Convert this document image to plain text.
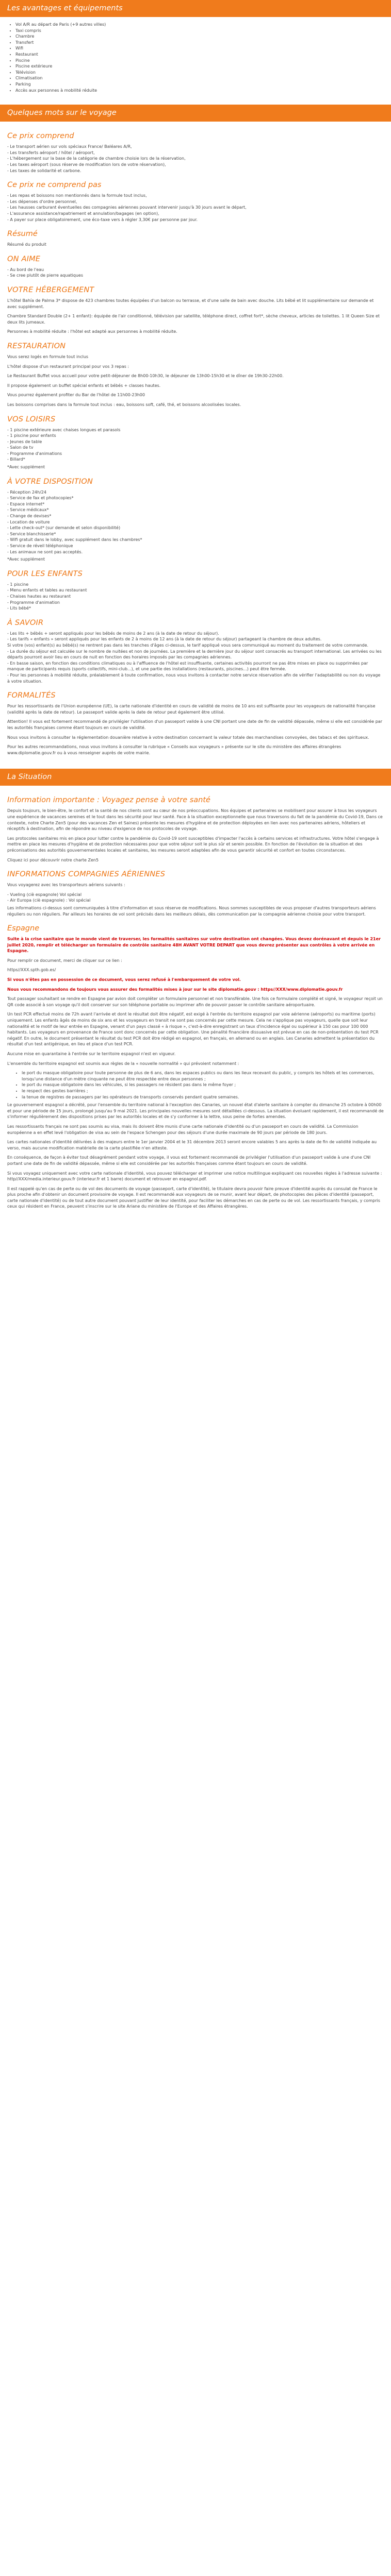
Les avantages et équipements
• Vol A/R au départ de Paris (+9 autres villes)
• Taxi compris
• Chambre
• Transfert
• Wifi
• Restaurant
• Piscine
• Piscine extérieure
• Télévision
• Climatisation
• Parking
• Accès aux personnes à mobilité réduite
Quelques mots sur le voyage
Ce prix comprend
- Le transport aérien sur vols spéciaux France/ Baléares A/R,
- Les transferts aéroport / hôtel / aéroport,
- L'hébergement sur la base de la catégorie de chambre choisie lors de la réservation,
- Les taxes aéroport (sous réserve de modification lors de votre réservation),
- Les taxes de solidarité et carbone.
Ce prix ne comprend pas
- Les repas et boissons non mentionnés dans la formule tout inclus,
- Les dépenses d'ordre personnel,
- Les hausses carburant éventuelles des compagnies aériennes pouvant intervenir jusqu'à 30 jours avant le départ,
- L'assurance assistance/rapatriement et annulation/bagages (en option),
- A payer sur place obligatoirement, une éco-taxe vers à régler 3,30€ par personne par jour.
Résumé

Résumé du produit

ON AIME
- Au bord de l'eau
- Se cree plutôt de pierre aquatiques
VOTRE HÉBERGEMENT

L'hôtel Bahía de Palma 3* dispose de 423 chambres toutes équipées d'un balcon ou terrasse, et d'une salle de bain avec douche. Lits bébé et lit supplémentaire sur demande et avec supplément.

Chambre Standard Double (2+ 1 enfant): équipée de l'air conditionné, télévision par satellite, téléphone direct, coffret fort*, sèche cheveux, articles de toilettes. 1 lit Queen Size et deux lits jumeaux.

Personnes à mobilité réduite : l'hôtel est adapté aux personnes à mobilité réduite.

RESTAURATION

Vous serez logés en formule tout inclus

L'hôtel dispose d'un restaurant principal pour vos 3 repas :

Le Restaurant Buffet vous accueil pour votre petit-déjeuner de 8h00-10h30, le déjeuner de 13h00-15h30 et le dîner de 19h30-22h00.

Il propose également un buffet spécial enfants et bébés + classes hautes.

Vous pourrez également profiter du Bar de l'hôtel de 11h00-23h00

Les boissons comprises dans la formule tout inclus : eau, boissons soft, café, thé, et boissons alcoolisées locales.

VOS LOISIRS
- 1 piscine extérieure avec chaises longues et parasols
- 1 piscine pour enfants
- Jeunes de table
- Salon de tv
- Programme d'animations
- Billard*

*Avec supplément

À VOTRE DISPOSITION
- Réception 24h/24
- Service de fax et photocopies*
- Espace internet*
- Service médicaux*
- Change de devises*
- Location de voiture
- Lette check-out* (sur demande et selon disponibilité)
- Service blanchisserie*
- Wifi gratuit dans le lobby, avec supplément dans les chambres*
- Service de réveil téléphonique
- Les animaux ne sont pas acceptés.

*Avec supplément

POUR LES ENFANTS
- 1 piscine
- Menu enfants et tables au restaurant
- Chaises hautes au restaurant
- Programme d'animation
- Lits bébé*
À SAVOIR
- Les lits + bébés + seront appliqués pour les bébés de moins de 2 ans (à la date de retour du séjour).
- Les tarifs « enfants » seront appliqués pour les enfants de 2 à moins de 12 ans (à la date de retour du séjour) partageant la chambre de deux adultes.
Si votre (vos) enfant(s) au bébé(s) ne rentrent pas dans les tranches d'âges ci-dessus, le tarif appliqué vous sera communiqué au moment du traitement de votre commande.
- La durée du séjour est calculée sur le nombre de nuitées et non de journées. La première et la dernière jour du séjour sont consacrés au transport international. Les arrivées ou les départs pourront avoir lieu en cours de nuit en fonction des horaires imposés par les compagnies aériennes.
- En basse saison, en fonction des conditions climatiques ou à l'affluence de l'hôtel est insuffisante, certaines activités pourront ne pas être mises en place ou supprimées par manque de participants requis (sports collectifs, mini-club...), et une partie des installations (restaurants, piscines...) peut être fermée.
- Pour les personnes à mobilité réduite, préalablement à toute confirmation, nous vous invitons à contacter notre service réservation afin de vérifier l'adaptabilité ou non du voyage à votre situation.
FORMALITÉS

Pour les ressortissants de l'Union européenne (UE), la carte nationale d'identité en cours de validité de moins de 10 ans est suffisante pour les voyageurs de nationalité française (validité après la date de retour). Le passeport valide après la date de retour peut également être utilisé.

Attention! Il vous est fortement recommandé de privilégier l'utilisation d'un passeport valide à une CNI portant une date de fin de validité dépassée, même si elle est considérée par les autorités françaises comme étant toujours en cours de validité.

Nous vous invitons à consulter la réglementation douanière relative à votre destination concernant la valeur totale des marchandises convoyées, des tabacs et des spiritueux.

Pour les autres recommandations, nous vous invitons à consulter la rubrique « Conseils aux voyageurs » présente sur le site du ministère des affaires étrangères www.diplomatie.gouv.fr ou à vous renseigner auprès de votre mairie.

La Situation
Information importante : Voyagez pense à votre santé

Depuis toujours, le bien-être, le confort et la santé de nos clients sont au cœur de nos préoccupations. Nos équipes et partenaires se mobilisent pour assurer à tous les voyageurs une expérience de vacances sereines et le tout dans les sécurité pour leur santé. Face à la situation exceptionnelle que nous traversons du fait de la pandémie du Covid-19, Dans ce contexte, notre Charte Zen5 (pour des vacances Zen et Saines) présente les mesures d'hygiène et de protection déployées en lien avec nos partenaires aériens, hôteliers et réceptifs à destination, afin de répondre au niveau d'exigence de nos protocoles de voyage.

Les protocoles sanitaires mis en place pour lutter contre la pandémie du Covid-19 sont susceptibles d'impacter l'accès à certains services et infrastructures. Votre hôtel s'engage à mettre en place les mesures d'hygiène et de protection nécessaires pour que votre séjour soit le plus sûr et serein possible. En fonction de l'évolution de la situation et des préconisations des autorités gouvernementales locales et sanitaires, les mesures seront adaptées afin de vous garantir sécurité et confort en toutes circonstances.

Cliquez ici pour découvrir notre charte Zen5

INFORMATIONS COMPAGNIES AÉRIENNES

Vous voyagerez avec les transporteurs aériens suivants :

- Vueling (ciè espagnole) Vol spécial
- Air Europa (ciè espagnole) : Vol spécial

Les informations ci-dessus sont communiquées à titre d'information et sous réserve de modifications. Nous sommes susceptibles de vous proposer d'autres transporteurs aériens réguliers ou non réguliers. Par ailleurs les horaires de vol sont précisés dans les meilleurs délais, dès communication par la compagnie aérienne choisie pour votre transport.

Espagne

Suite à la crise sanitaire que le monde vient de traverser, les formalités sanitaires sur votre destination ont changées. Vous devez dorénavant et depuis le 21er juillet 2020, remplir et télécharger un formulaire de contrôle sanitaire 48H AVANT VOTRE DEPART que vous devrez présenter aux contrôles à votre arrivée en Espagne.

Pour remplir ce document, merci de cliquer sur ce lien :

https//XXX.spth.gob.es/

Si vous n'êtes pas en possession de ce document, vous serez refusé à l'embarquement de votre vol.

Nous vous recommandons de toujours vous assurer des formalités mises à jour sur le site diplomatie.gouv : https//XXX/www.diplomatie.gouv.fr

Tout passager souhaitant se rendre en Espagne par avion doit compléter un formulaire personnel et non transférable. Une fois ce formulaire complété et signé, le voyageur reçoit un QR code associé à son voyage qu'il doit conserver sur son téléphone portable ou imprimer afin de pouvoir passer le contrôle sanitaire aéroportuaire.

Un test PCR effectué moins de 72h avant l'arrivée et dont le résultat doit être négatif, est exigé à l'entrée du territoire espagnol par voie aérienne (aéroports) ou maritime (ports) uniquement. Les enfants âgés de moins de six ans et les voyageurs en transit ne sont pas concernés par cette mesure. Cela ne s'applique pas voyageurs, quelle que soit leur nationalité et le motif de leur entrée en Espagne, venant d'un pays classé « à risque », c'est-à-dire enregistrant un taux d'incidence égal ou supérieur à 150 cas pour 100 000 habitants. Les voyageurs en provenance de France sont donc concernés par cette obligation. Une pénalité financière dissuasive est prévue en cas de non-présentation du test PCR négatif. En outre, le document présentant le résultat du test PCR doit être rédigé en espagnol, en français, en allemand ou en anglais. Les Canaries admettent la présentation du résultat d'un test antigénique, en lieu et place d'un test PCR.

Aucune mise en quarantaine à l'entrée sur le territoire espagnol n'est en vigueur.

L'ensemble du territoire espagnol est soumis aux règles de la « nouvelle normalité » qui prévoient notamment :

• le port du masque obligatoire pour toute personne de plus de 6 ans, dans les espaces publics ou dans les lieux recevant du public, y compris les hôtels et les commerces, lorsqu'une distance d'un mètre cinquante ne peut être respectée entre deux personnes ;
• le port du masque obligatoire dans les véhicules, si les passagers ne résident pas dans le même foyer ;
• le respect des gestes barrières ;
• la tenue de registres de passagers par les opérateurs de transports conservés pendant quatre semaines.

Le gouvernement espagnol a décrété, pour l'ensemble du territoire national à l'exception des Canaries, un nouvel état d'alerte sanitaire à compter du dimanche 25 octobre à 00h00 et pour une période de 15 jours, prolongé jusqu'au 9 mai 2021. Les principales nouvelles mesures sont détaillées ci-dessous. La situation évoluant rapidement, il est recommandé de s'informer régulièrement des dispositions prises par les autorités locales et de s'y conformer à la lettre, sous peine de fortes amendes.

Les ressortissants français ne sont pas soumis au visa, mais ils doivent être munis d'une carte nationale d'identité ou d'un passeport en cours de validité. La Commission européenne a en effet levé l'obligation de visa au sein de l'espace Schengen pour des séjours d'une durée maximale de 90 jours par période de 180 jours.

Les cartes nationales d'identité délivrées à des majeurs entre le 1er janvier 2004 et le 31 décembre 2013 seront encore valables 5 ans après la date de fin de validité indiquée au verso, mais aucune modification matérielle de la carte plastifiée n'en atteste.

En conséquence, de façon à éviter tout désagrément pendant votre voyage, il vous est fortement recommandé de privilégier l'utilisation d'un passeport valide à une d'une CNI portant une date de fin de validité dépassée, même si elle est considérée par les autorités françaises comme étant toujours en cours de validité.

Si vous voyagez uniquement avec votre carte nationale d'identité, vous pouvez télécharger et imprimer une notice multilingue expliquant ces nouvelles règles à l'adresse suivante : http//XXX/media.interieur.gouv.fr (interieur.fr et 1 barre) document et retrouver en espagnol.pdf.

Il est rappelé qu'en cas de perte ou de vol des documents de voyage (passeport, carte d'identité), le titulaire devra pouvoir faire preuve d'identité auprès du consulat de France le plus proche afin d'obtenir un document provisoire de voyage. Il est recommandé aux voyageurs de se munir, avant leur départ, de photocopies des pièces d'identité (passeport, carte nationale d'identité) ou de tout autre document pouvant justifier de leur identité, pour faciliter les démarches en cas de perte ou de vol. Les ressortissants français, y compris ceux qui résident en France, peuvent s'inscrire sur le site Ariane du ministère de l'Europe et des Affaires étrangères.
